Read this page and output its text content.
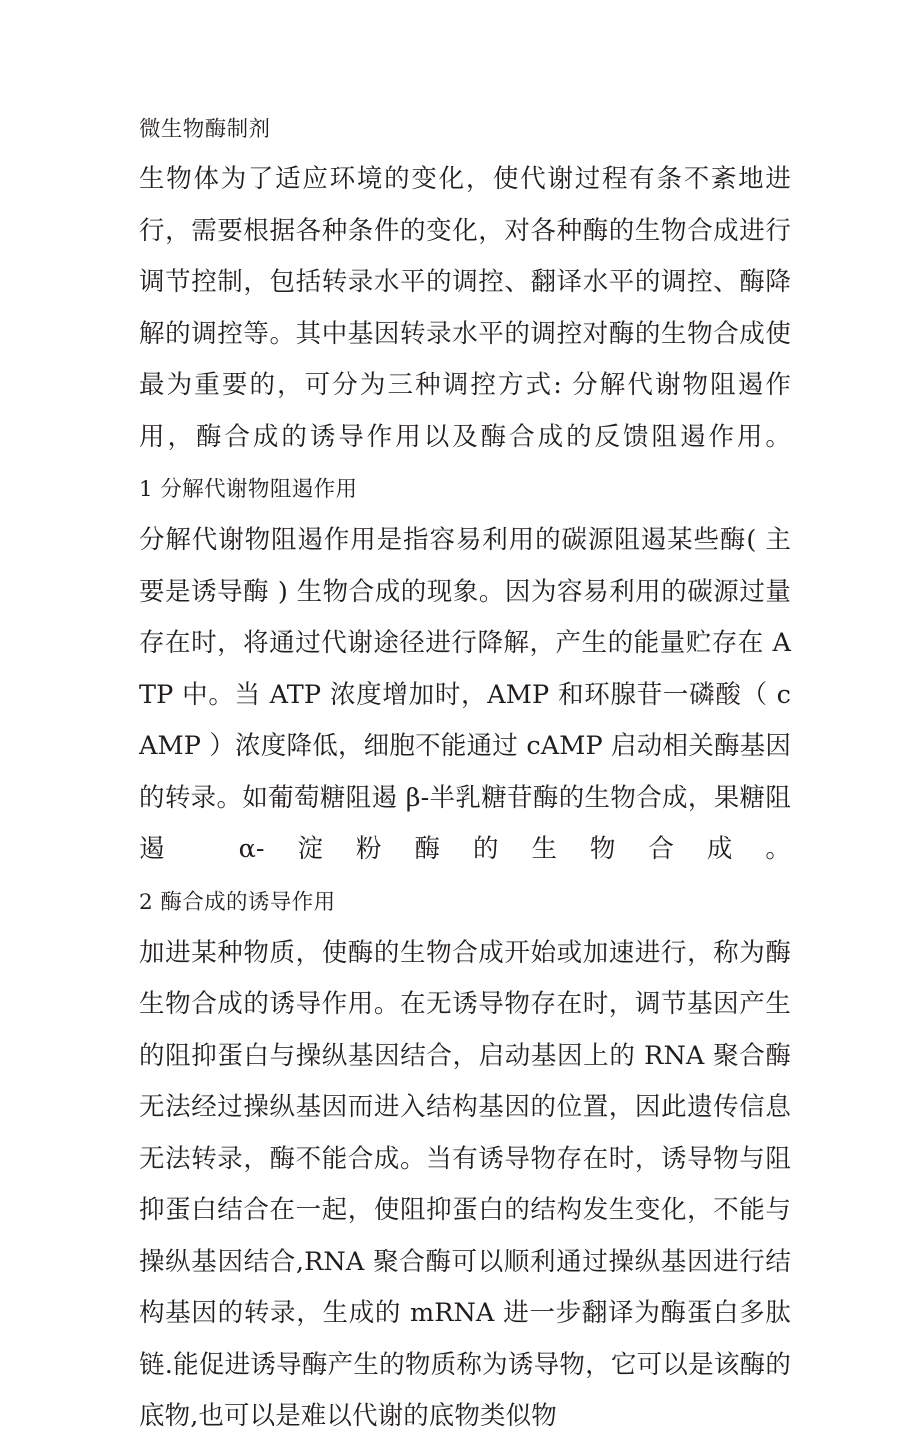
微生物酶制剂

生物体为了适应环境的变化，使代谢过程有条不紊地进行，需要根据各种条件的变化，对各种酶的生物合成进行调节控制，包括转录水平的调控、翻译水平的调控、酶降解的调控等。其中基因转录水平的调控对酶的生物合成使最为重要的，可分为三种调控方式: 分解代谢物阻遏作用，酶合成的诱导作用以及酶合成的反馈阻遏作用。

1 分解代谢物阻遏作用

分解代谢物阻遏作用是指容易利用的碳源阻遏某些酶( 主要是诱导酶 ) 生物合成的现象。因为容易利用的碳源过量存在时，将通过代谢途径进行降解，产生的能量贮存在 ATP 中。当 ATP 浓度增加时，AMP 和环腺苷一磷酸（ cAMP ）浓度降低，细胞不能通过 cAMP 启动相关酶基因的转录。如葡萄糖阻遏 β-半乳糖苷酶的生物合成，果糖阻遏 α-淀粉酶的生物合成。

2 酶合成的诱导作用

加进某种物质，使酶的生物合成开始或加速进行，称为酶生物合成的诱导作用。在无诱导物存在时，调节基因产生的阻抑蛋白与操纵基因结合，启动基因上的 RNA 聚合酶无法经过操纵基因而进入结构基因的位置，因此遗传信息无法转录，酶不能合成。当有诱导物存在时，诱导物与阻抑蛋白结合在一起，使阻抑蛋白的结构发生变化，不能与操纵基因结合,RNA 聚合酶可以顺利通过操纵基因进行结构基因的转录，生成的 mRNA 进一步翻译为酶蛋白多肽链.能促进诱导酶产生的物质称为诱导物，它可以是该酶的底物,也可以是难以代谢的底物类似物
